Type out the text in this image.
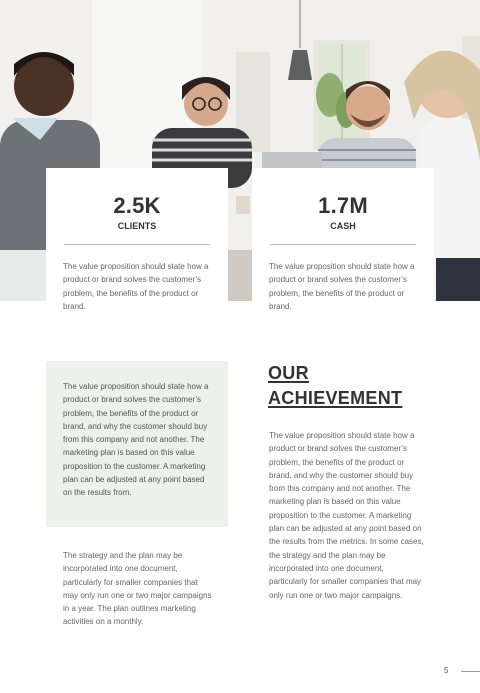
2.5K
CLIENTS
1.7M
CASH
The value proposition should state how a product or brand solves the customer’s problem, the benefits of the product or brand.
The value proposition should state how a product or brand solves the customer’s problem, the benefits of the product or brand.
The value proposition should state how a product or brand solves the customer’s problem, the benefits of the product or brand, and why the customer should buy from this company and not another. The marketing plan is based on this value proposition to the customer. A marketing plan can be adjusted at any point based on the results from.
The strategy and the plan may be incorporated into one document, particularly for smaller companies that may only run one or two major campaigns in a year. The plan outlines marketing activities on a monthly.
OUR
ACHIEVEMENT
The value proposition should state how a product or brand solves the customer’s problem, the benefits of the product or brand, and why the customer should buy from this company and not another. The marketing plan is based on this value proposition to the customer. A marketing plan can be adjusted at any point based on the results from the metrics. In some cases, the strategy and the plan may be incorporated into one document, particularly for smaller companies that may only run one or two major campaigns.
5
